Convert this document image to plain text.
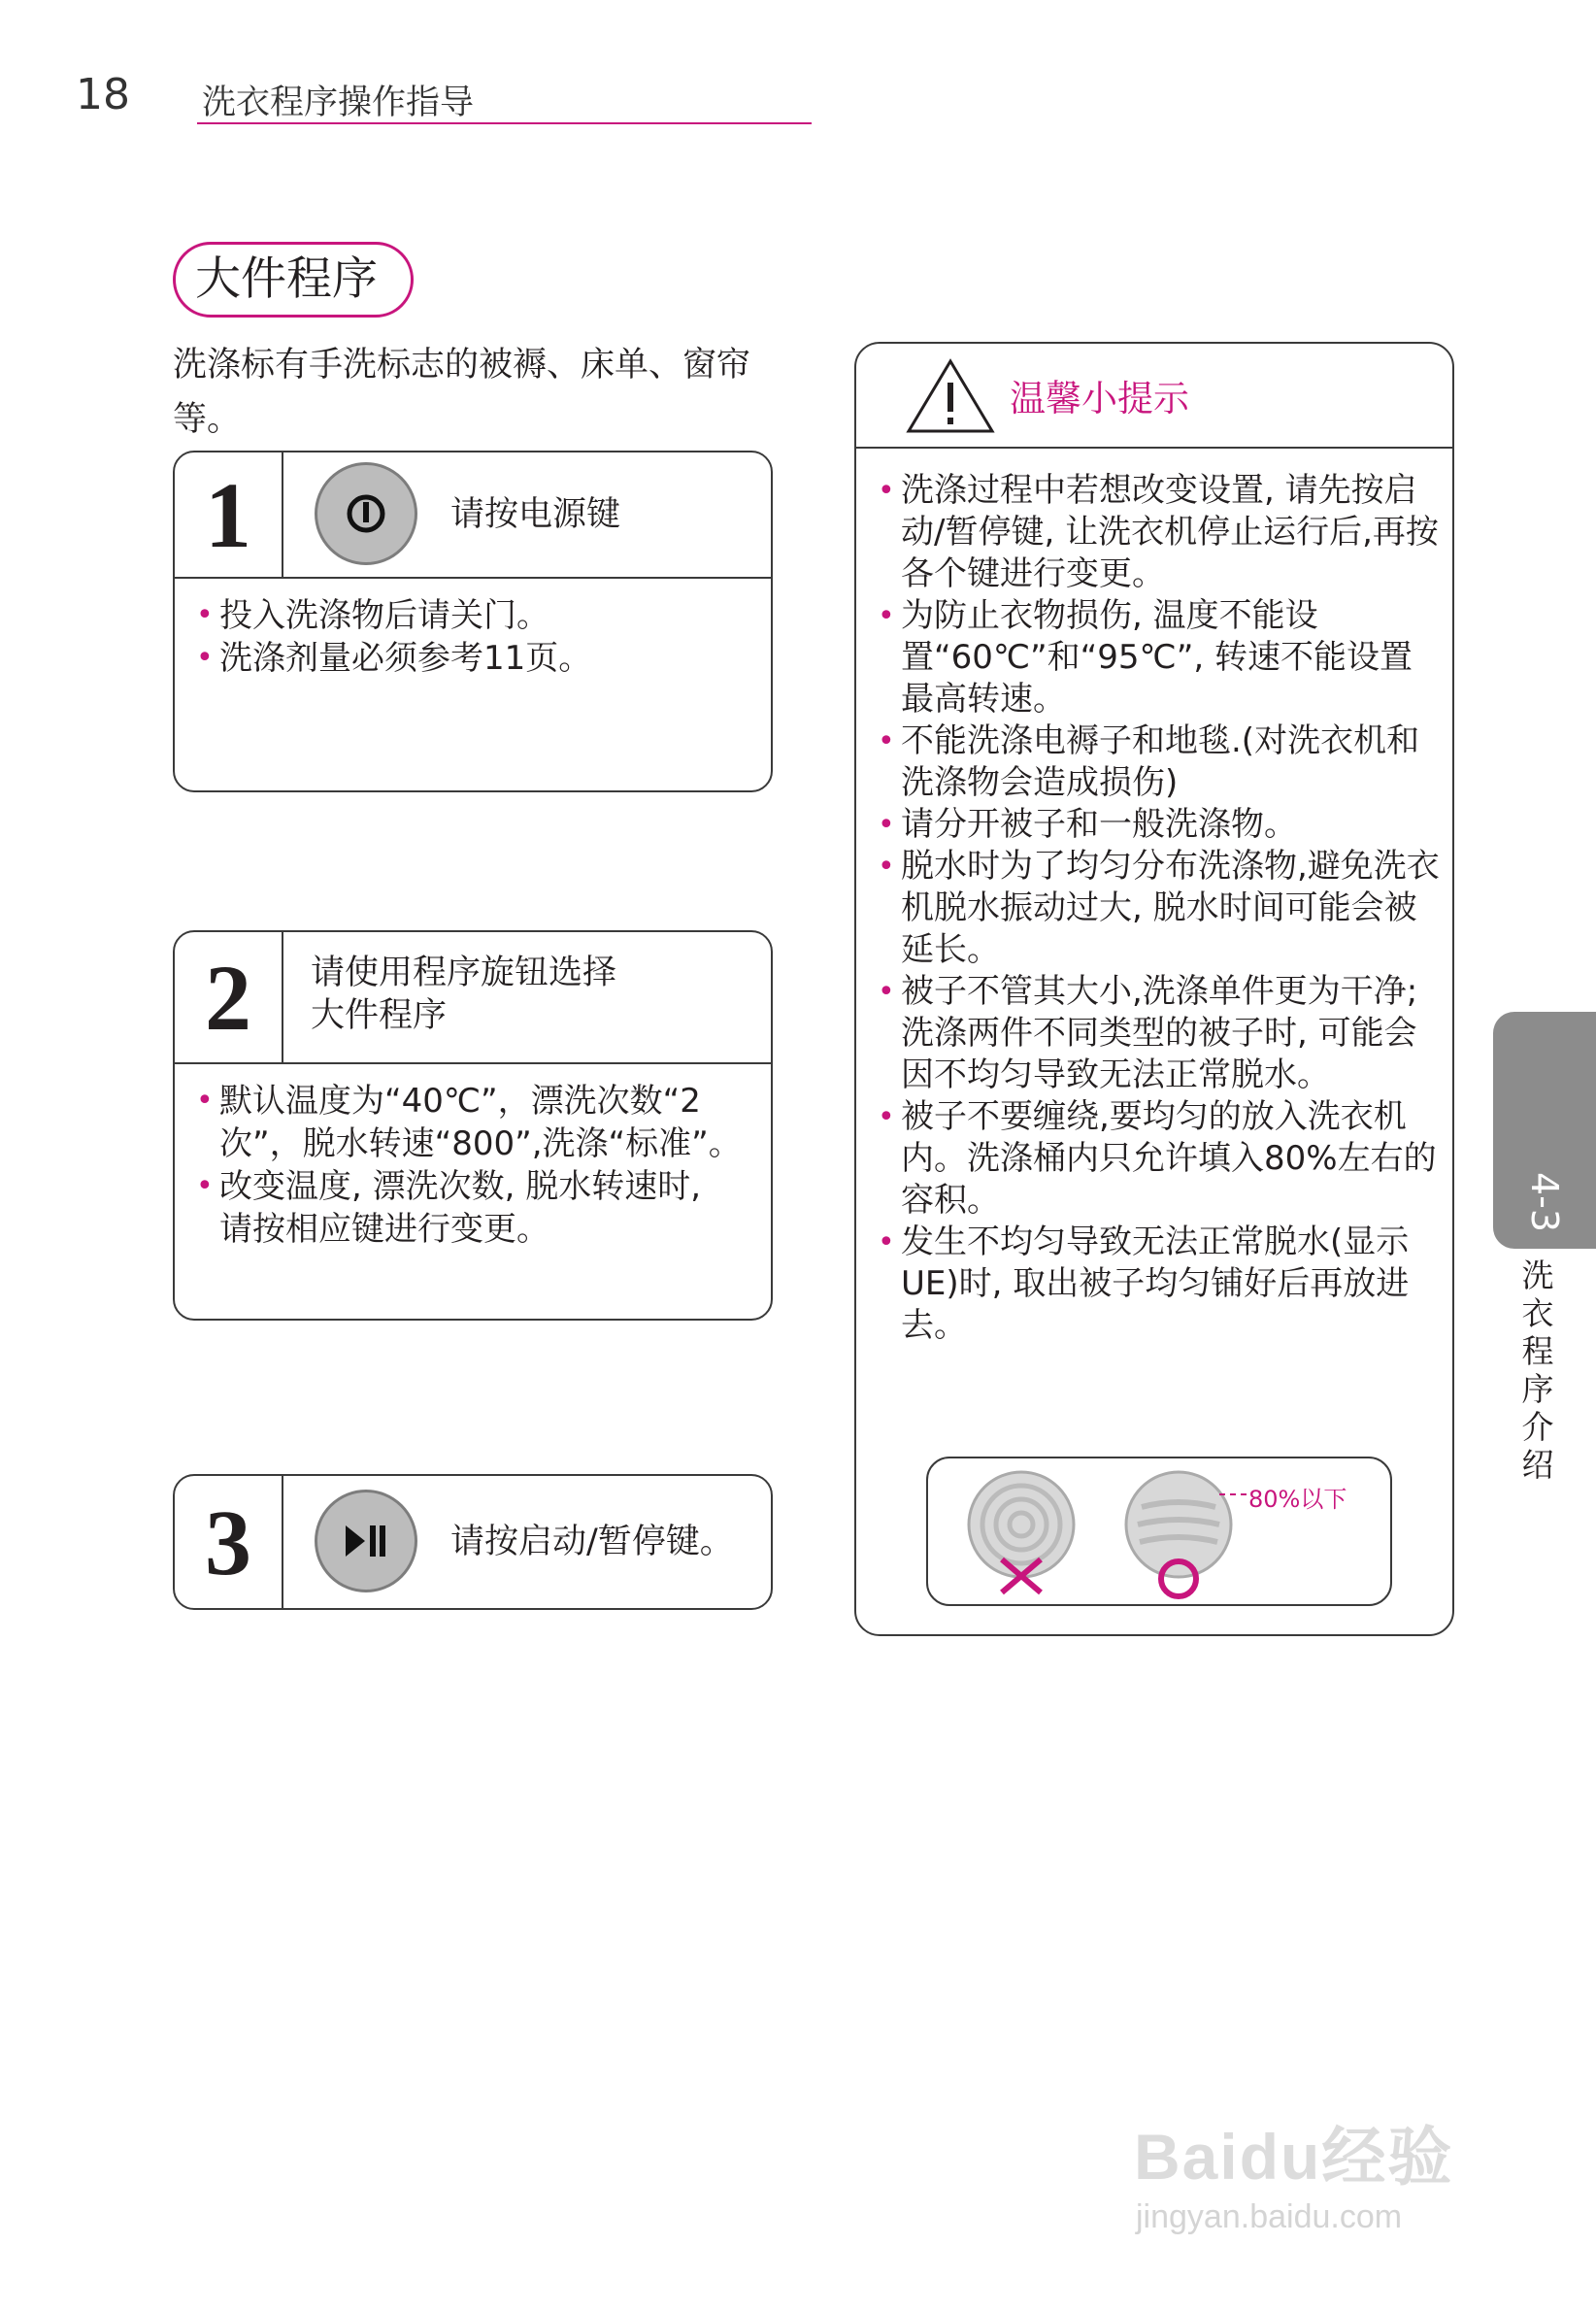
18 洗衣程序操作指导
大件程序
洗涤标有手洗标志的被褥、床单、窗帘等。
1	请按电源键
• 投入洗涤物后请关门。
• 洗涤剂量必须参考11页。
2	请使用程序旋钮选择
大件程序
• 默认温度为“40℃”，漂洗次数“2次”，脱水转速“800”,洗涤“标准”。
• 改变温度, 漂洗次数, 脱水转速时, 请按相应键进行变更。
3	请按启动/暂停键。
温馨小提示
• 洗涤过程中若想改变设置, 请先按启动/暂停键, 让洗衣机停止运行后,再按各个键进行变更。
• 为防止衣物损伤, 温度不能设置“60℃”和“95℃”, 转速不能设置最高转速。
• 不能洗涤电褥子和地毯.(对洗衣机和洗涤物会造成损伤)
• 请分开被子和一般洗涤物。
• 脱水时为了均匀分布洗涤物,避免洗衣机脱水振动过大, 脱水时间可能会被延长。
• 被子不管其大小,洗涤单件更为干净;洗涤两件不同类型的被子时, 可能会因不均匀导致无法正常脱水。
• 被子不要缠绕,要均匀的放入洗衣机内。洗涤桶内只允许填入80%左右的容积。
• 发生不均匀导致无法正常脱水(显示UE)时, 取出被子均匀铺好后再放进去。
80%以下
4-3
洗衣程序介绍
Baidu经验
jingyan.baidu.com
